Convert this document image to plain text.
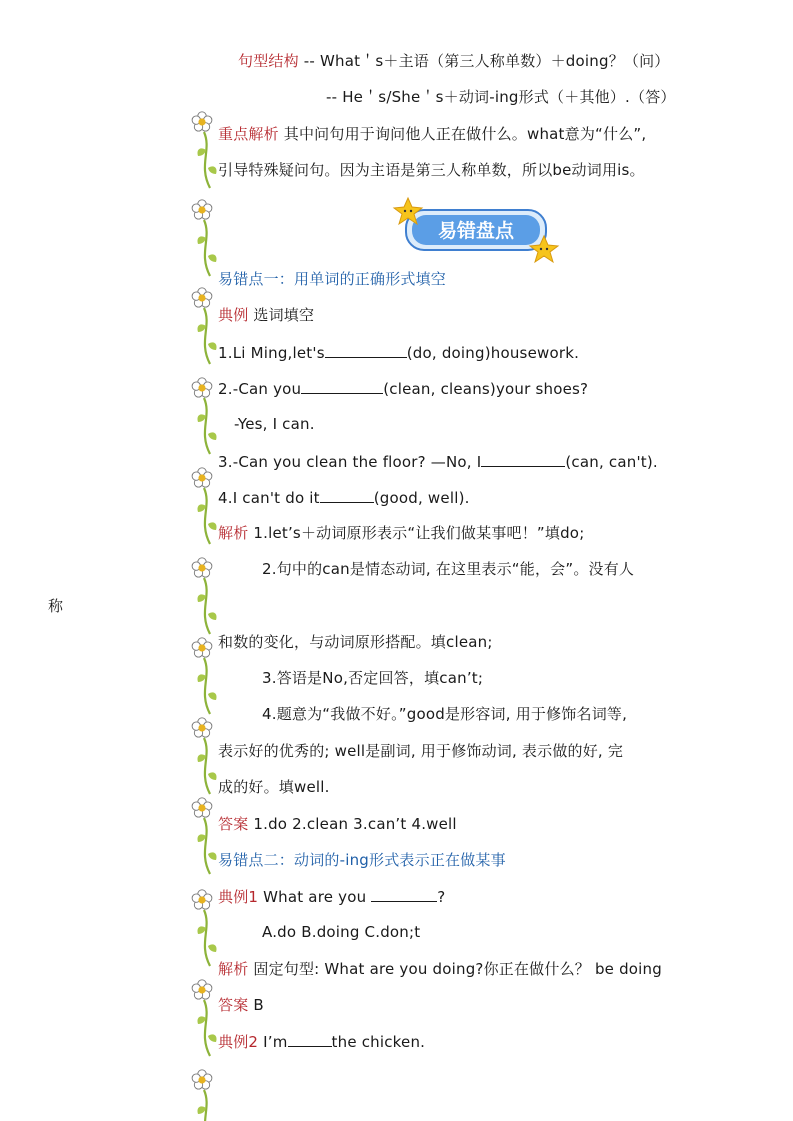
句型结构 -- What＇s＋主语（第三人称单数）＋doing？（问）
-- He＇s/She＇s＋动词-ing形式（＋其他）.（答）
重点解析 其中问句用于询问他人正在做什么。what意为“什么”,
引导特殊疑问句。因为主语是第三人称单数，所以be动词用is。
易错盘点
易错点一：用单词的正确形式填空
典例 选词填空
1.Li Ming,let's	(do, doing)housework.
2.-Can you	(clean, cleans)your shoes?
-Yes, I can.
3.-Can you clean the floor? —No, I	(can, can't).
4.I can't do it	(good, well).
解析 1.let’s＋动词原形表示“让我们做某事吧！”填do;
2.句中的can是情态动词, 在这里表示“能，会”。没有人
称
和数的变化，与动词原形搭配。填clean;
3.答语是No,否定回答，填can’t;
4.题意为“我做不好。”good是形容词, 用于修饰名词等,
表示好的优秀的; well是副词, 用于修饰动词, 表示做的好, 完
成的好。填well.
答案 1.do 2.clean 3.can’t 4.well
易错点二：动词的-ing形式表示正在做某事
典例1 What are you	?
A.do B.doing C.don;t
解析 固定句型: What are you doing?你正在做什么？ be doing
答案 B
典例2 I’m	the chicken.
